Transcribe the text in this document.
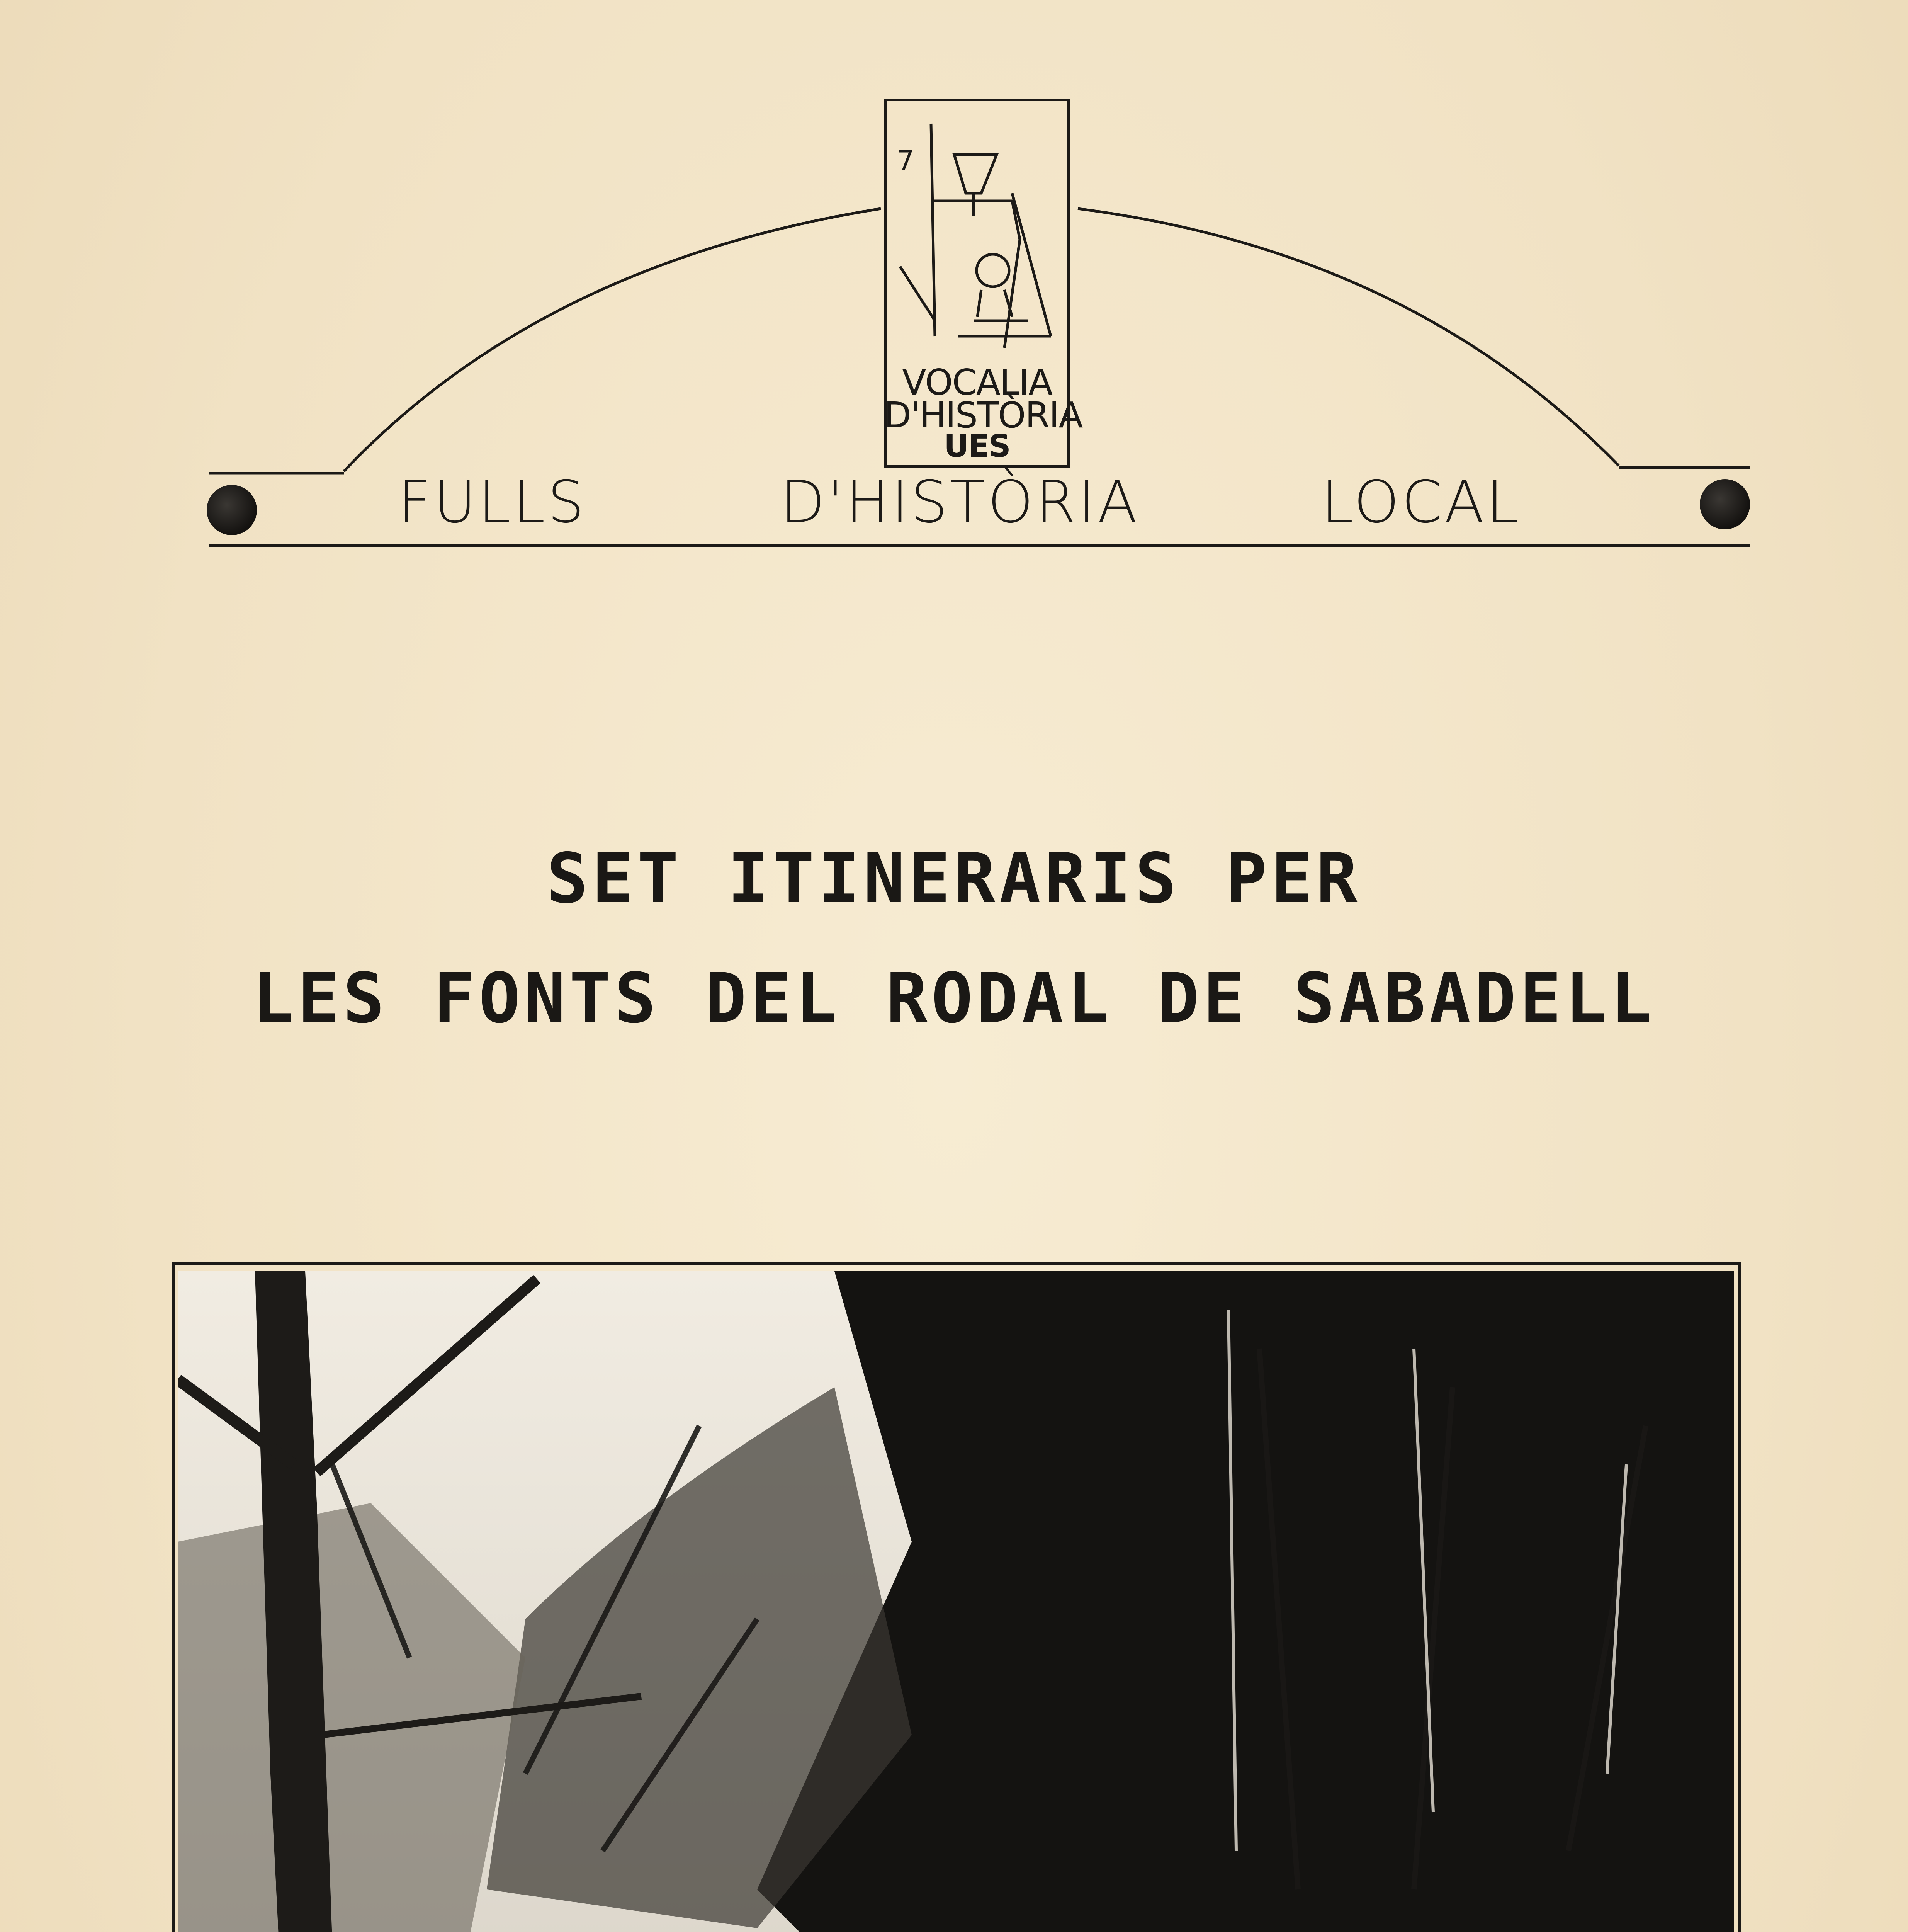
7
VOCALIA
D'HISTÒRIA
UES
FULLS	D'HISTÒRIA	LOCAL
SET ITINERARIS PER
LES FONTS DEL RODAL DE SABADELL
